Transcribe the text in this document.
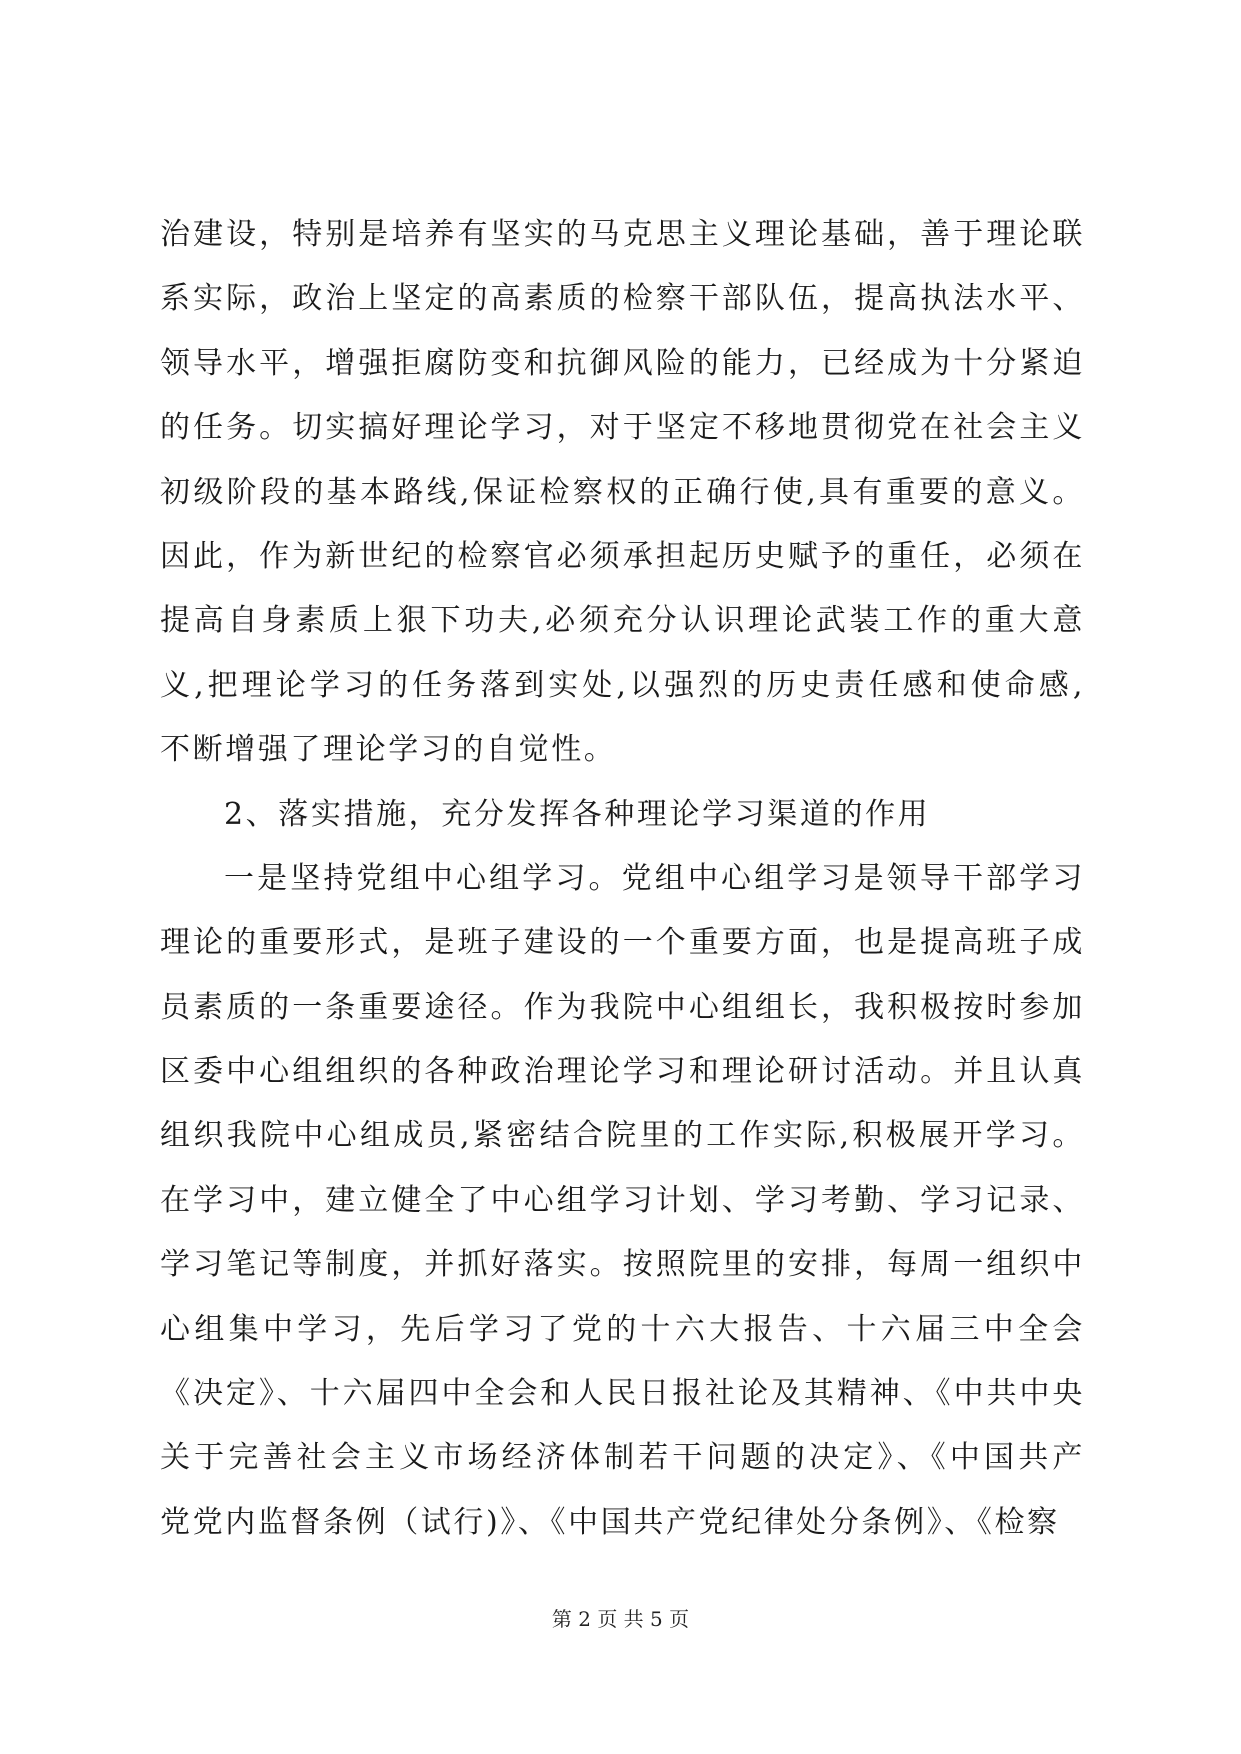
治建设，特别是培养有坚实的马克思主义理论基础，善于理论联
系实际，政治上坚定的高素质的检察干部队伍，提高执法水平、
领导水平，增强拒腐防变和抗御风险的能力，已经成为十分紧迫
的任务。切实搞好理论学习，对于坚定不移地贯彻党在社会主义
初级阶段的基本路线,保证检察权的正确行使,具有重要的意义。
因此，作为新世纪的检察官必须承担起历史赋予的重任，必须在
提高自身素质上狠下功夫,必须充分认识理论武装工作的重大意
义,把理论学习的任务落到实处,以强烈的历史责任感和使命感,
不断增强了理论学习的自觉性。
2、落实措施，充分发挥各种理论学习渠道的作用
一是坚持党组中心组学习。党组中心组学习是领导干部学习
理论的重要形式，是班子建设的一个重要方面，也是提高班子成
员素质的一条重要途径。作为我院中心组组长，我积极按时参加
区委中心组组织的各种政治理论学习和理论研讨活动。并且认真
组织我院中心组成员,紧密结合院里的工作实际,积极展开学习。
在学习中，建立健全了中心组学习计划、学习考勤、学习记录、
学习笔记等制度，并抓好落实。按照院里的安排，每周一组织中
心组集中学习，先后学习了党的十六大报告、十六届三中全会
《决定》、十六届四中全会和人民日报社论及其精神、《中共中央
关于完善社会主义市场经济体制若干问题的决定》、《中国共产
党党内监督条例（试行)》、《中国共产党纪律处分条例》、《检察
第 2 页 共 5 页
